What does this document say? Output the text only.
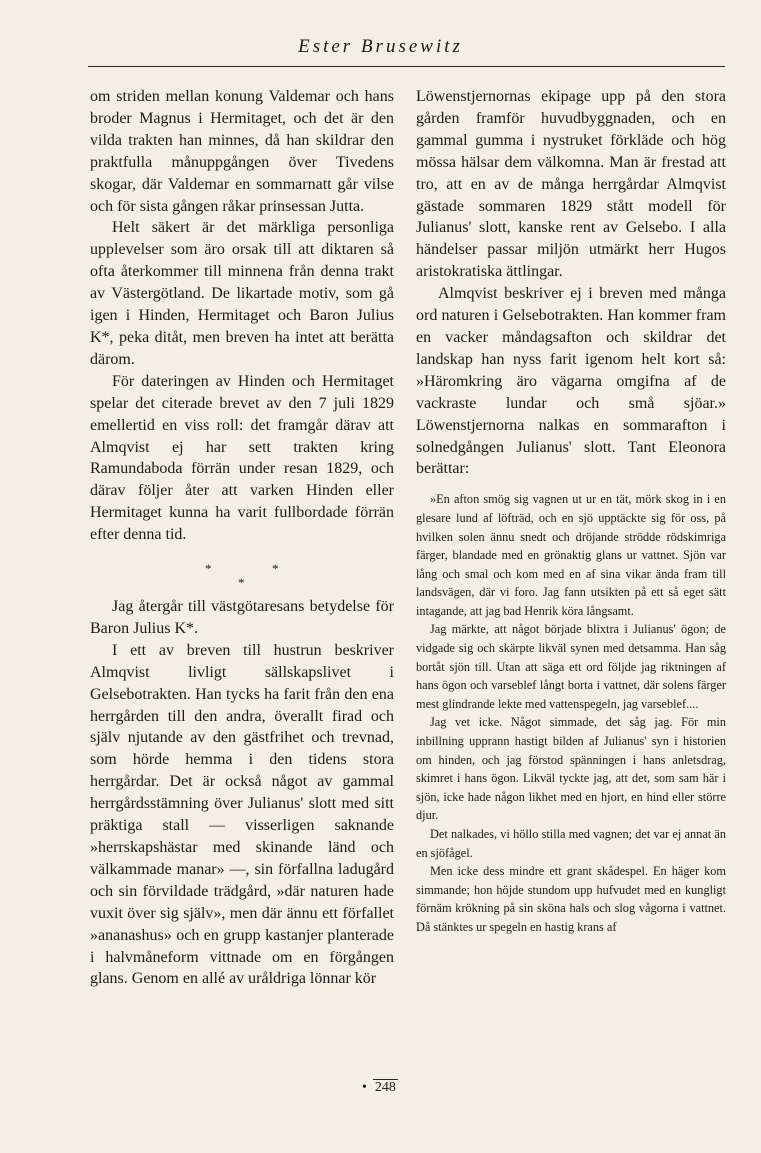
Ester Brusewitz

om striden mellan konung Valdemar och hans broder Magnus i Hermitaget, och det är den vilda trakten han minnes, då han skildrar den praktfulla månuppgången över Tivedens skogar, där Valdemar en sommarnatt går vilse och för sista gången råkar prinsessan Jutta.

Helt säkert är det märkliga personliga upplevelser som äro orsak till att diktaren så ofta återkommer till minnena från denna trakt av Västergötland. De likartade motiv, som gå igen i Hinden, Hermitaget och Baron Julius K*, peka ditåt, men breven ha intet att berätta därom.

För dateringen av Hinden och Hermitaget spelar det citerade brevet av den 7 juli 1829 emellertid en viss roll: det framgår därav att Almqvist ej har sett trakten kring Ramundaboda förrän under resan 1829, och därav följer åter att varken Hinden eller Hermitaget kunna ha varit fullbordade förrän efter denna tid.

*	*
*

Jag återgår till västgötaresans betydelse för Baron Julius K*.

I ett av breven till hustrun beskriver Almqvist livligt sällskapslivet i Gelsebotrakten. Han tycks ha farit från den ena herrgården till den andra, överallt firad och själv njutande av den gästfrihet och trevnad, som hörde hemma i den tidens stora herrgårdar. Det är också något av gammal herrgårdsstämning över Julianus' slott med sitt präktiga stall — visserligen saknande »herrskapshästar med skinande länd och välkammade manar» —, sin förfallna ladugård och sin förvildade trädgård, »där naturen hade vuxit över sig själv», men där ännu ett förfallet »ananashus» och en grupp kastanjer planterade i halvmåneform vittnade om en förgången glans. Genom en allé av uråldriga lönnar kör

Löwenstjernornas ekipage upp på den stora gården framför huvudbyggnaden, och en gammal gumma i nystruket förkläde och hög mössa hälsar dem välkomna. Man är frestad att tro, att en av de många herrgårdar Almqvist gästade sommaren 1829 stått modell för Julianus' slott, kanske rent av Gelsebo. I alla händelser passar miljön utmärkt herr Hugos aristokratiska ättlingar.

Almqvist beskriver ej i breven med många ord naturen i Gelsebotrakten. Han kommer fram en vacker måndagsafton och skildrar det landskap han nyss farit igenom helt kort så: »Häromkring äro vägarna omgifna af de vackraste lundar och små sjöar.» Löwenstjernorna nalkas en sommarafton i solnedgången Julianus' slott. Tant Eleonora berättar:

»En afton smög sig vagnen ut ur en tät, mörk skog in i en glesare lund af löfträd, och en sjö upptäckte sig för oss, på hvilken solen ännu snedt och dröjande strödde rödskimriga färger, blandade med en grönaktig glans ur vattnet. Sjön var lång och smal och kom med en af sina vikar ända fram till landsvägen, där vi foro. Jag fann utsikten på ett så eget sätt intagande, att jag bad Henrik köra långsamt.

Jag märkte, att något började blixtra i Julianus' ögon; de vidgade sig och skärpte likväl synen med detsamma. Han såg bortåt sjön till. Utan att säga ett ord följde jag riktningen af hans ögon och varseblef långt borta i vattnet, där solens färger mest glindrande lekte med vattenspegeln, jag varseblef....

Jag vet icke. Något simmade, det såg jag. För min inbillning upprann hastigt bilden af Julianus' syn i historien om hinden, och jag förstod spänningen i hans anletsdrag, skimret i hans ögon. Likväl tyckte jag, att det, som sam här i sjön, icke hade någon likhet med en hjort, en hind eller större djur.

Det nalkades, vi höllo stilla med vagnen; det var ej annat än en sjöfågel.

Men icke dess mindre ett grant skådespel. En häger kom simmande; hon höjde stundom upp hufvudet med en kungligt förnäm krökning på sin sköna hals och slog vågorna i vattnet. Då stänktes ur spegeln en hastig krans af

• 248
